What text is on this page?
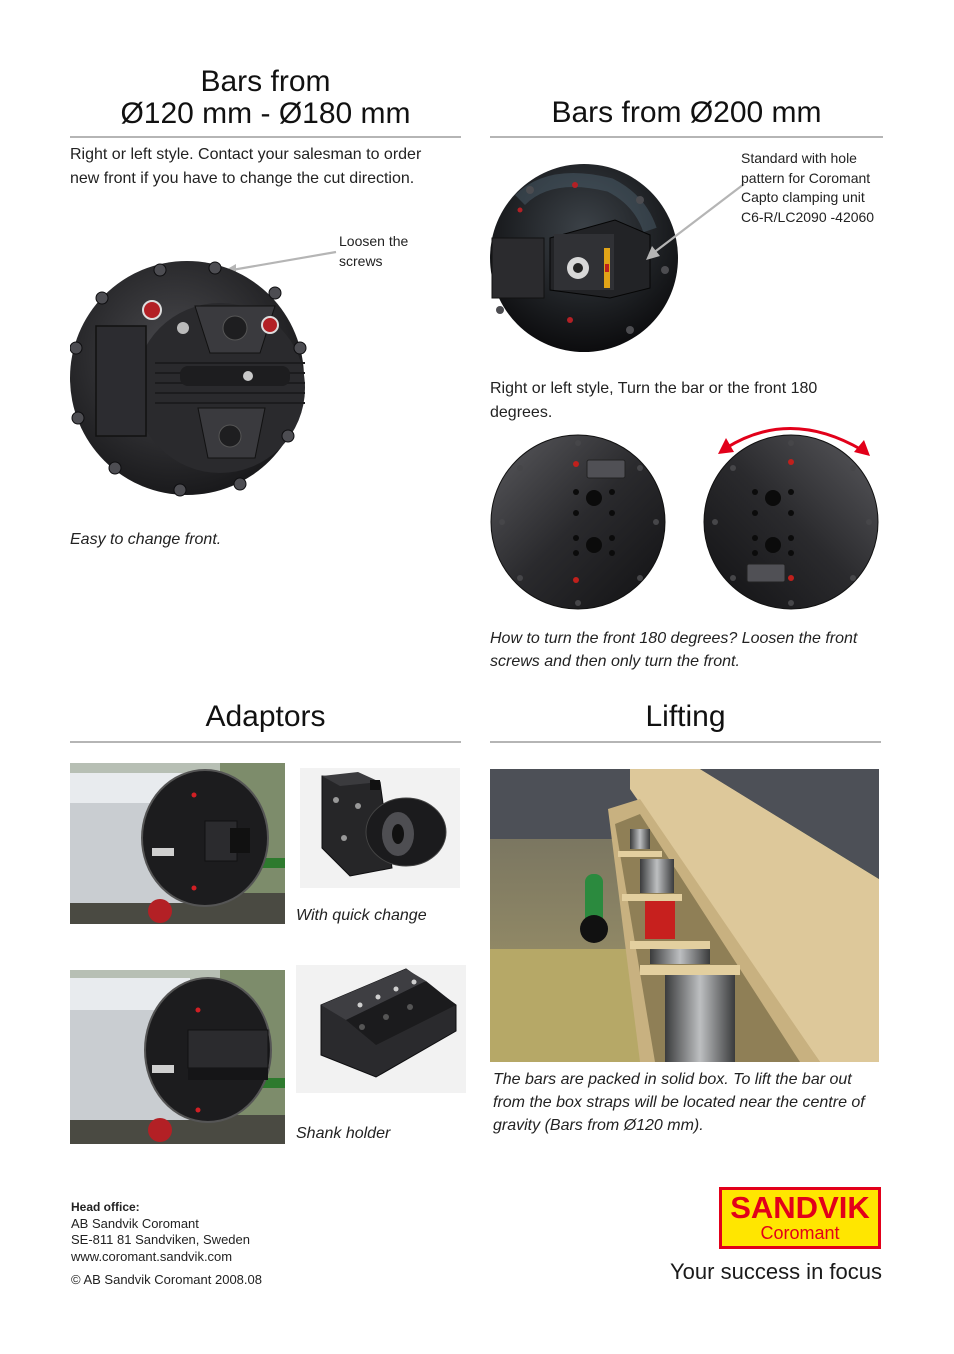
Bars from
Ø120 mm - Ø180 mm
Right or left style. Contact your salesman to order new front if you have to change the cut direction.
Loosen the screws
Easy to change front.
Bars from Ø200 mm
Standard with hole pattern for Coromant Capto clamping unit C6-R/LC2090 -42060
Right or left style, Turn the bar or the front 180 degrees.
How to turn the front 180 degrees? Loosen the front screws and then only turn the front.
Adaptors
With quick change
Shank holder
Lifting
The bars are packed in solid box. To lift the bar out from the box straps will be located near the centre of gravity (Bars from Ø120 mm).
Head office:
AB Sandvik Coromant
SE-811 81 Sandviken, Sweden
www.coromant.sandvik.com
© AB Sandvik Coromant 2008.08
SANDVIK
Coromant
Your success in focus
